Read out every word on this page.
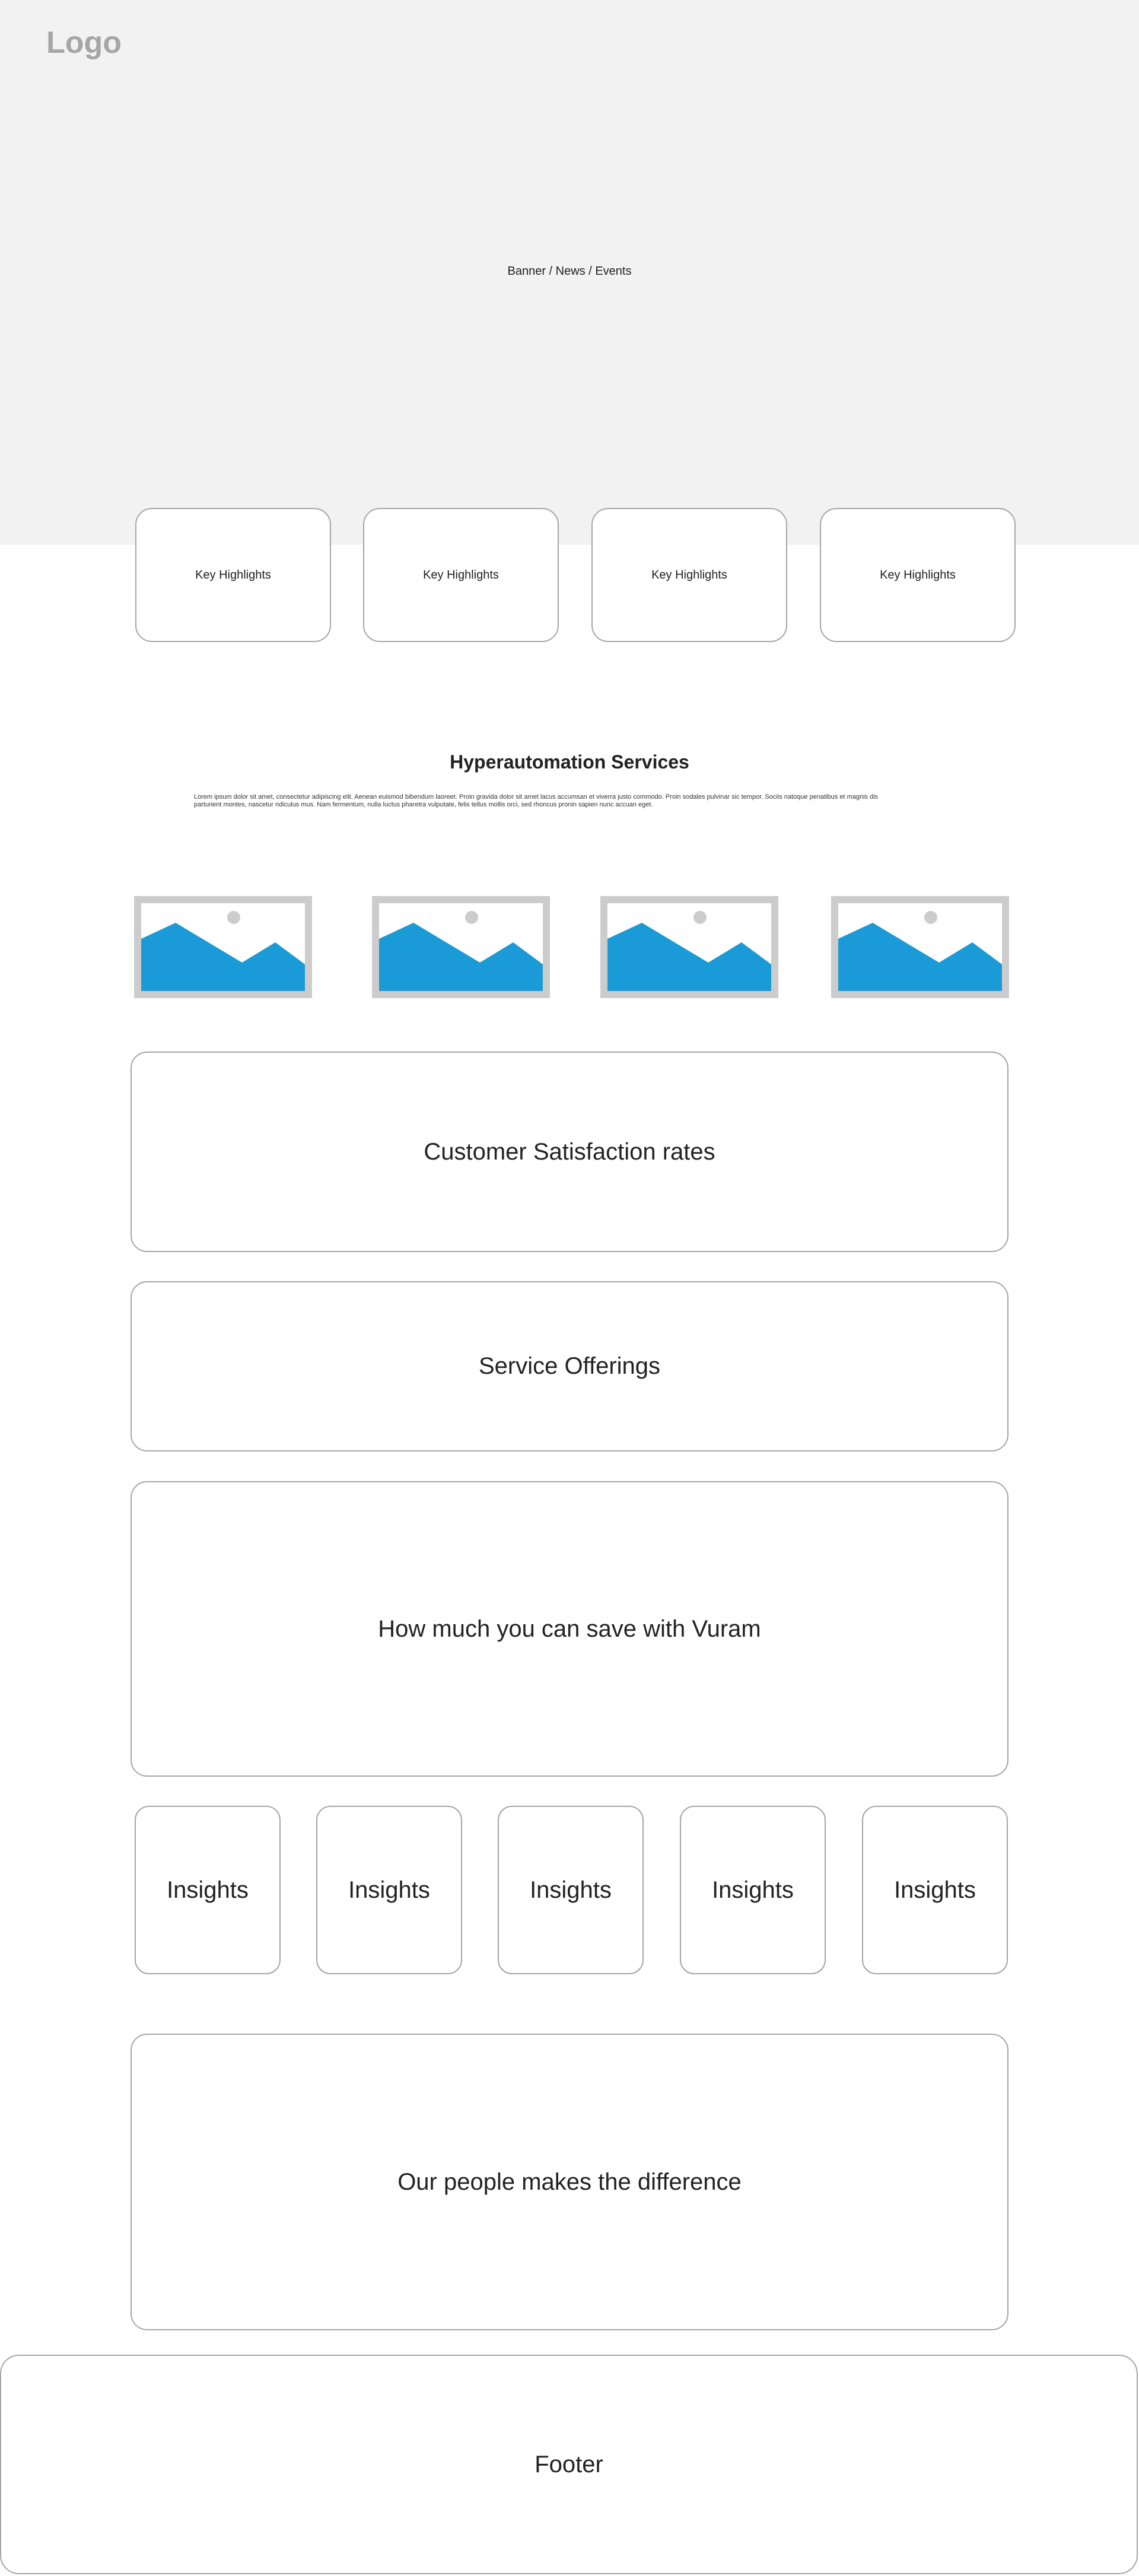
Logo
Banner / News / Events
Key Highlights	Key Highlights	Key Highlights	Key Highlights
Hyperautomation Services
Lorem ipsum dolor sit amet, consectetur adipiscing elit. Aenean euismod bibendum laoreet. Proin gravida dolor sit amet lacus accumsan et viverra justo commodo. Proin sodales pulvinar sic tempor. Sociis natoque penatibus et magnis dis parturient montes, nascetur ridiculus mus. Nam fermentum, nulla luctus pharetra vulputate, felis tellus mollis orci, sed rhoncus pronin sapien nunc accuan eget.
Customer Satisfaction rates
Service Offerings
How much you can save with Vuram
Insights	Insights	Insights	Insights	Insights
Our people makes the difference
Footer
